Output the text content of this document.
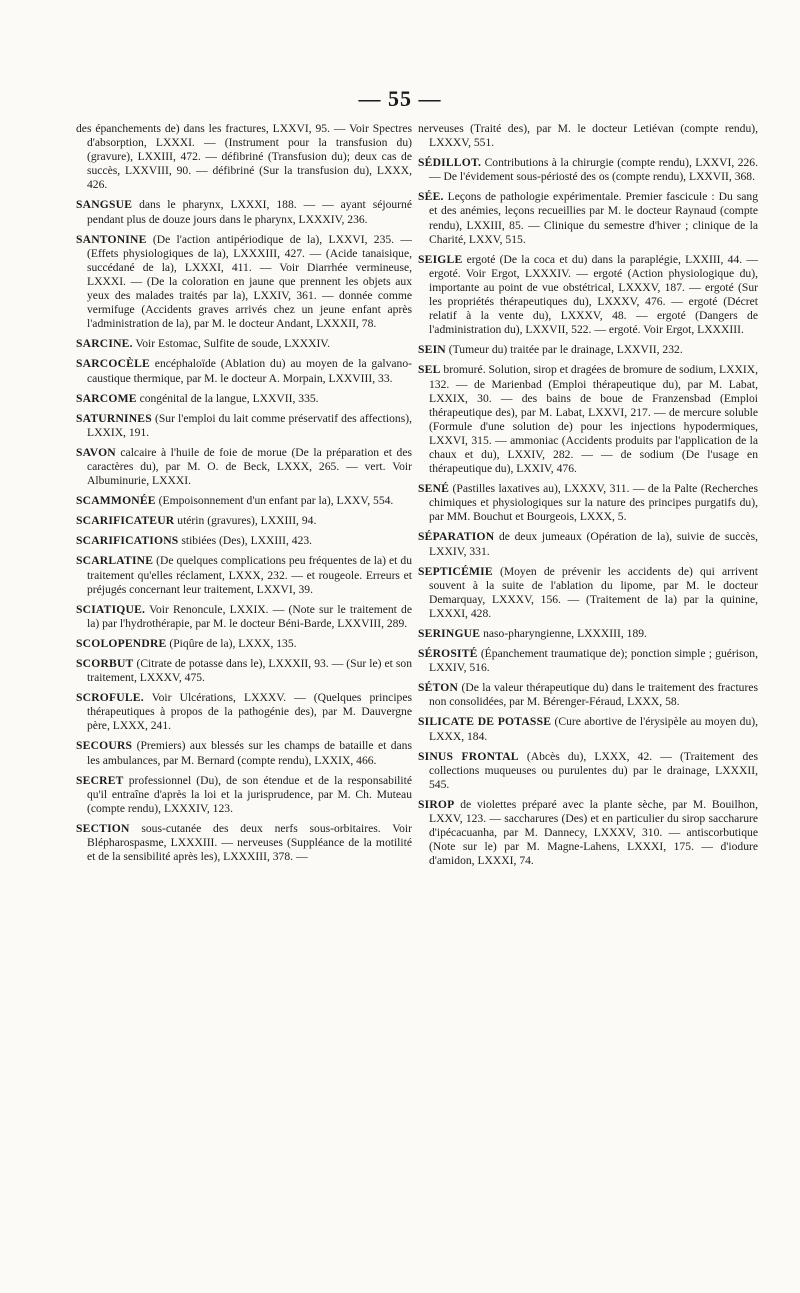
— 55 —

des épanchements de) dans les fractures, LXXVI, 95. — Voir Spectres d'absorption, LXXXI. — (Instrument pour la transfusion du) (gravure), LXXIII, 472. — défibriné (Transfusion du); deux cas de succès, LXXVIII, 90. — défibriné (Sur la transfusion du), LXXX, 426.

SANGSUE dans le pharynx, LXXXI, 188. — — ayant séjourné pendant plus de douze jours dans le pharynx, LXXXIV, 236.

SANTONINE (De l'action antipériodique de la), LXXVI, 235. — (Effets physiologiques de la), LXXXIII, 427. — (Acide tanaisique, succédané de la), LXXXI, 411. — Voir Diarrhée vermineuse, LXXXI. — (De la coloration en jaune que prennent les objets aux yeux des malades traités par la), LXXIV, 361. — donnée comme vermifuge (Accidents graves arrivés chez un jeune enfant après l'administration de la), par M. le docteur Andant, LXXXII, 78.

SARCINE. Voir Estomac, Sulfite de soude, LXXXIV.

SARCOCÈLE encéphaloïde (Ablation du) au moyen de la galvano-caustique thermique, par M. le docteur A. Morpain, LXXVIII, 33.

SARCOME congénital de la langue, LXXVII, 335.

SATURNINES (Sur l'emploi du lait comme préservatif des affections), LXXIX, 191.

SAVON calcaire à l'huile de foie de morue (De la préparation et des caractères du), par M. O. de Beck, LXXX, 265. — vert. Voir Albuminurie, LXXXI.

SCAMMONÉE (Empoisonnement d'un enfant par la), LXXV, 554.

SCARIFICATEUR utérin (gravures), LXXIII, 94.

SCARIFICATIONS stibiées (Des), LXXIII, 423.

SCARLATINE (De quelques complications peu fréquentes de la) et du traitement qu'elles réclament, LXXX, 232. — et rougeole. Erreurs et préjugés concernant leur traitement, LXXVI, 39.

SCIATIQUE. Voir Renoncule, LXXIX. — (Note sur le traitement de la) par l'hydrothérapie, par M. le docteur Béni-Barde, LXXVIII, 289.

SCOLOPENDRE (Piqûre de la), LXXX, 135.

SCORBUT (Citrate de potasse dans le), LXXXII, 93. — (Sur le) et son traitement, LXXXV, 475.

SCROFULE. Voir Ulcérations, LXXXV. — (Quelques principes thérapeutiques à propos de la pathogénie des), par M. Dauvergne père, LXXX, 241.

SECOURS (Premiers) aux blessés sur les champs de bataille et dans les ambulances, par M. Bernard (compte rendu), LXXIX, 466.

SECRET professionnel (Du), de son étendue et de la responsabilité qu'il entraîne d'après la loi et la jurisprudence, par M. Ch. Muteau (compte rendu), LXXXIV, 123.

SECTION sous-cutanée des deux nerfs sous-orbitaires. Voir Blépharospasme, LXXXIII. — nerveuses (Suppléance de la motilité et de la sensibilité après les), LXXXIII, 378. —

nerveuses (Traité des), par M. le docteur Letiévan (compte rendu), LXXXV, 551.

SÉDILLOT. Contributions à la chirurgie (compte rendu), LXXVI, 226. — De l'évidement sous-périosté des os (compte rendu), LXXVII, 368.

SÉE. Leçons de pathologie expérimentale. Premier fascicule : Du sang et des anémies, leçons recueillies par M. le docteur Raynaud (compte rendu), LXXIII, 85. — Clinique du semestre d'hiver ; clinique de la Charité, LXXV, 515.

SEIGLE ergoté (De la coca et du) dans la paraplégie, LXXIII, 44. — ergoté. Voir Ergot, LXXXIV. — ergoté (Action physiologique du), importante au point de vue obstétrical, LXXXV, 187. — ergoté (Sur les propriétés thérapeutiques du), LXXXV, 476. — ergoté (Décret relatif à la vente du), LXXXV, 48. — ergoté (Dangers de l'administration du), LXXVII, 522. — ergoté. Voir Ergot, LXXXIII.

SEIN (Tumeur du) traitée par le drainage, LXXVII, 232.

SEL bromuré. Solution, sirop et dragées de bromure de sodium, LXXIX, 132. — de Marienbad (Emploi thérapeutique du), par M. Labat, LXXIX, 30. — des bains de boue de Franzensbad (Emploi thérapeutique des), par M. Labat, LXXVI, 217. — de mercure soluble (Formule d'une solution de) pour les injections hypodermiques, LXXVI, 315. — ammoniac (Accidents produits par l'application de la chaux et du), LXXIV, 282. — — de sodium (De l'usage en thérapeutique du), LXXIV, 476.

SENÉ (Pastilles laxatives au), LXXXV, 311. — de la Palte (Recherches chimiques et physiologiques sur la nature des principes purgatifs du), par MM. Bouchut et Bourgeois, LXXX, 5.

SÉPARATION de deux jumeaux (Opération de la), suivie de succès, LXXIV, 331.

SEPTICÉMIE (Moyen de prévenir les accidents de) qui arrivent souvent à la suite de l'ablation du lipome, par M. le docteur Demarquay, LXXXV, 156. — (Traitement de la) par la quinine, LXXXI, 428.

SERINGUE naso-pharyngienne, LXXXIII, 189.

SÉROSITÉ (Épanchement traumatique de); ponction simple ; guérison, LXXIV, 516.

SÉTON (De la valeur thérapeutique du) dans le traitement des fractures non consolidées, par M. Bérenger-Féraud, LXXX, 58.

SILICATE DE POTASSE (Cure abortive de l'érysipèle au moyen du), LXXX, 184.

SINUS FRONTAL (Abcès du), LXXX, 42. — (Traitement des collections muqueuses ou purulentes du) par le drainage, LXXXII, 545.

SIROP de violettes préparé avec la plante sèche, par M. Bouilhon, LXXV, 123. — saccharures (Des) et en particulier du sirop saccharure d'ipécacuanha, par M. Dannecy, LXXXV, 310. — antiscorbutique (Note sur le) par M. Magne-Lahens, LXXXI, 175. — d'iodure d'amidon, LXXXI, 74.
